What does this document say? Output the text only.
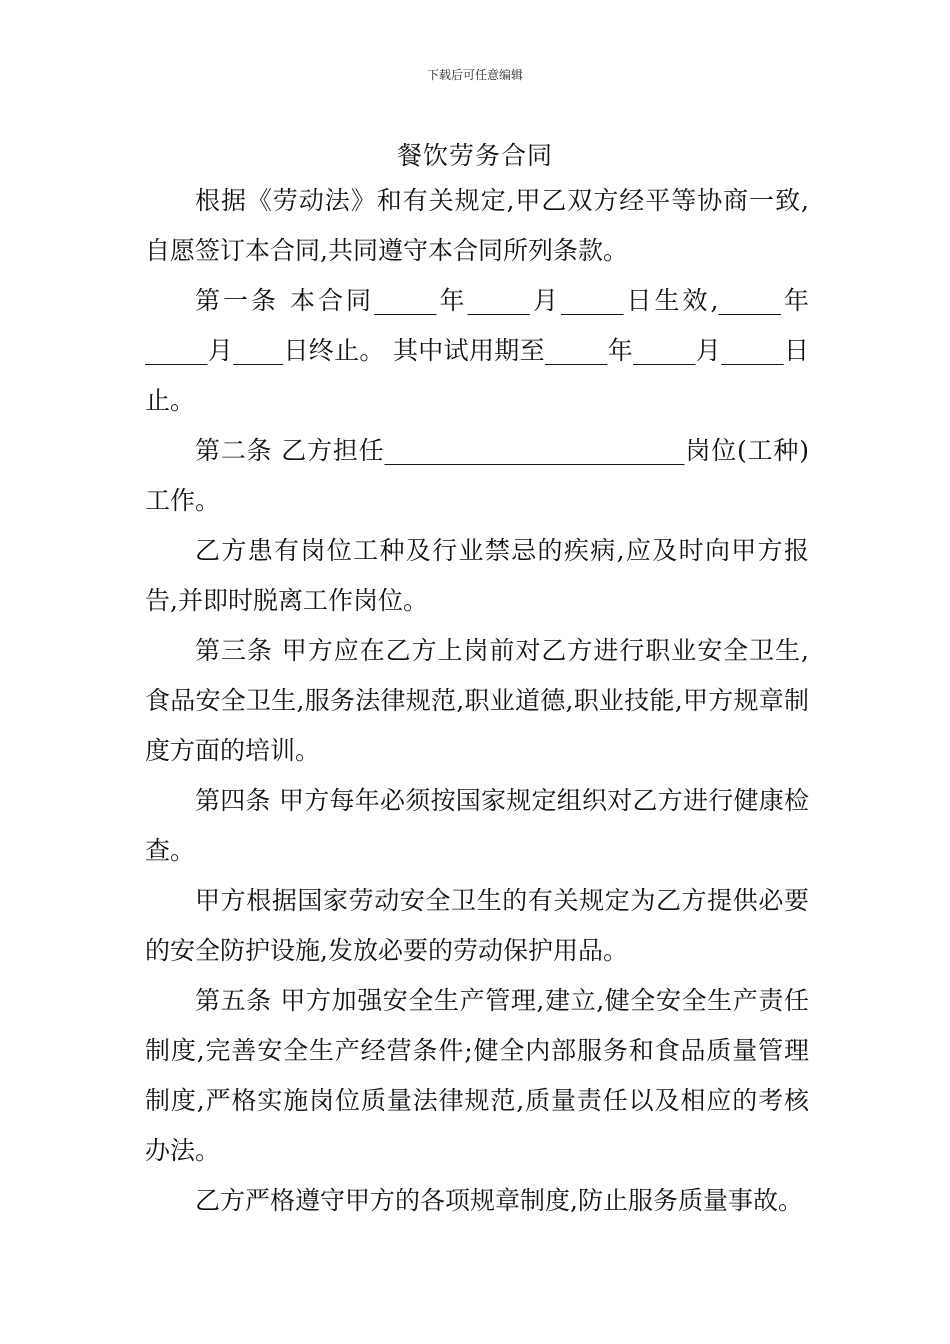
下载后可任意编辑
餐饮劳务合同

根据《劳动法》和有关规定,甲乙双方经平等协商一致,自愿签订本合同,共同遵守本合同所列条款。

第一条 本合同_____年_____月_____日生效,_____年_____月____日终止。 其中试用期至_____年_____月_____日止。

第二条 乙方担任________________________岗位(工种)工作。

乙方患有岗位工种及行业禁忌的疾病,应及时向甲方报告,并即时脱离工作岗位。

第三条 甲方应在乙方上岗前对乙方进行职业安全卫生,食品安全卫生,服务法律规范,职业道德,职业技能,甲方规章制度方面的培训。

第四条 甲方每年必须按国家规定组织对乙方进行健康检查。

甲方根据国家劳动安全卫生的有关规定为乙方提供必要的安全防护设施,发放必要的劳动保护用品。

第五条 甲方加强安全生产管理,建立,健全安全生产责任制度,完善安全生产经营条件;健全内部服务和食品质量管理制度,严格实施岗位质量法律规范,质量责任以及相应的考核办法。

乙方严格遵守甲方的各项规章制度,防止服务质量事故。
